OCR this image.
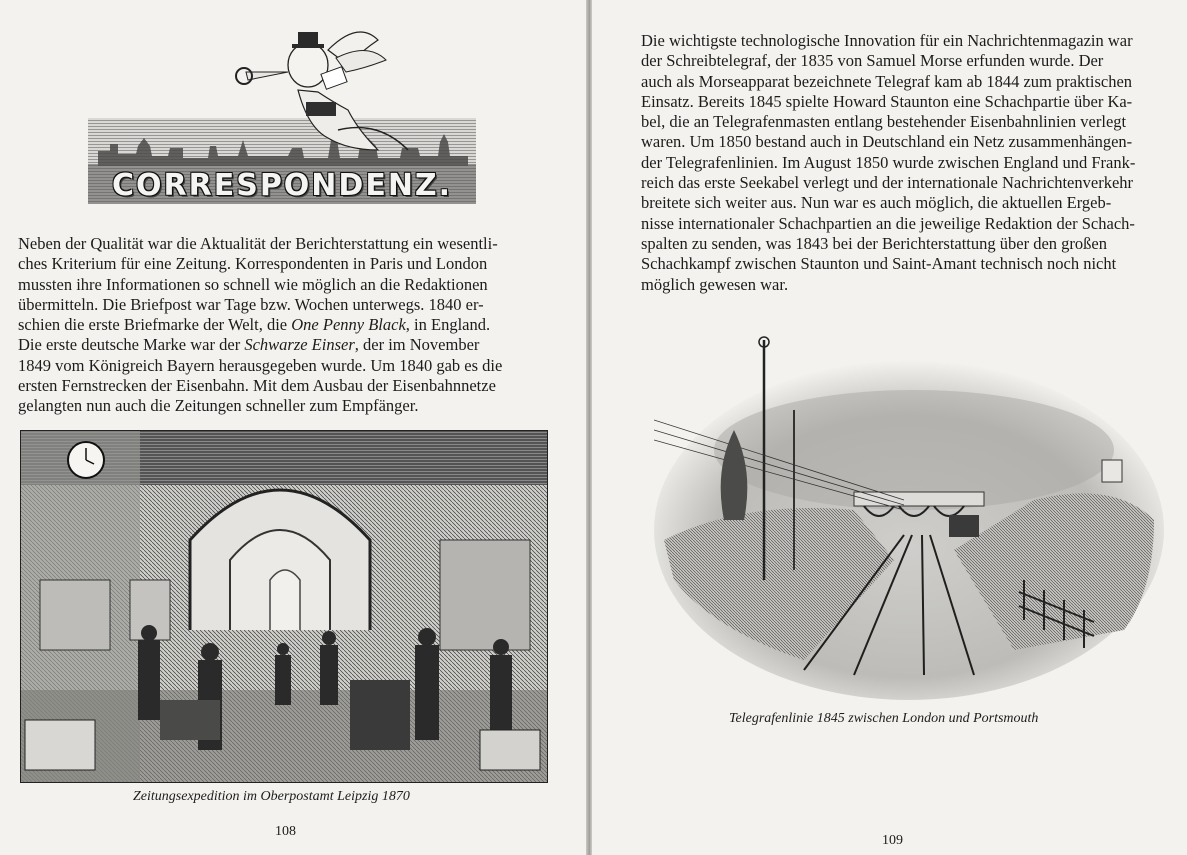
CORRESPONDENZ.
Neben der Qualität war die Aktualität der Berichterstattung ein wesentli-
ches Kriterium für eine Zeitung. Korrespondenten in Paris und London
mussten ihre Informationen so schnell wie möglich an die Redaktionen
übermitteln. Die Briefpost war Tage bzw. Wochen unterwegs. 1840 er-
schien die erste Briefmarke der Welt, die One Penny Black, in England.
Die erste deutsche Marke war der Schwarze Einser, der im November
1849 vom Königreich Bayern herausgegeben wurde. Um 1840 gab es die
ersten Fernstrecken der Eisenbahn. Mit dem Ausbau der Eisenbahnnetze
gelangten nun auch die Zeitungen schneller zum Empfänger.
Zeitungsexpedition im Oberpostamt Leipzig 1870
108
Die wichtigste technologische Innovation für ein Nachrichtenmagazin war
der Schreibtelegraf, der 1835 von Samuel Morse erfunden wurde. Der
auch als Morseapparat bezeichnete Telegraf kam ab 1844 zum praktischen
Einsatz. Bereits 1845 spielte Howard Staunton eine Schachpartie über Ka-
bel, die an Telegrafenmasten entlang bestehender Eisenbahnlinien verlegt
waren. Um 1850 bestand auch in Deutschland ein Netz zusammenhängen-
der Telegrafenlinien. Im August 1850 wurde zwischen England und Frank-
reich das erste Seekabel verlegt und der internationale Nachrichtenverkehr
breitete sich weiter aus. Nun war es auch möglich, die aktuellen Ergeb-
nisse internationaler Schachpartien an die jeweilige Redaktion der Schach-
spalten zu senden, was 1843 bei der Berichterstattung über den großen
Schachkampf zwischen Staunton und Saint-Amant technisch noch nicht
möglich gewesen war.
Telegrafenlinie 1845 zwischen London und Portsmouth
109
